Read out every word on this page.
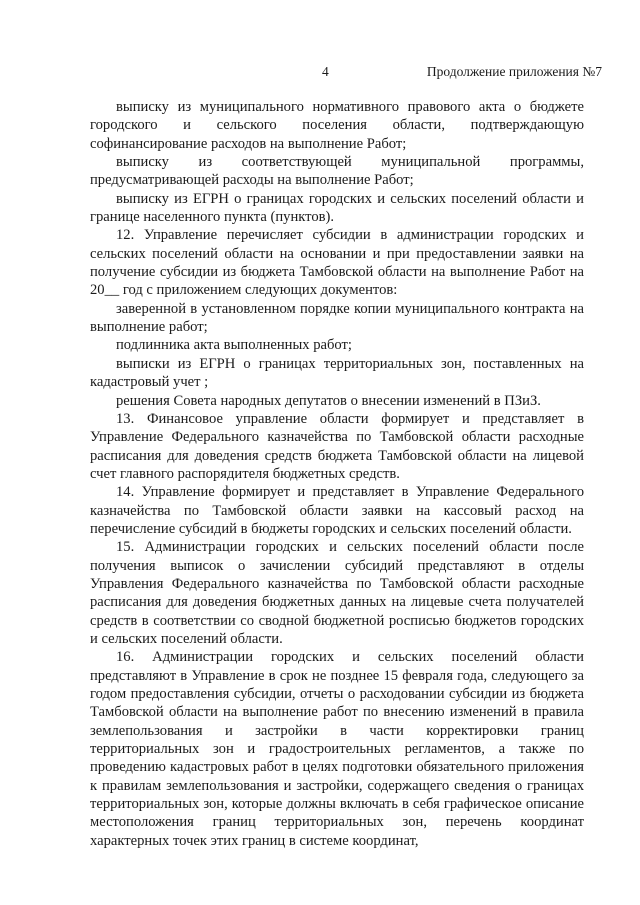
4	Продолжение приложения №7

выписку из муниципального нормативного правового акта о бюджете городского и сельского поселения области, подтверждающую софинансирование расходов на выполнение Работ;

выписку из соответствующей муниципальной программы, предусматривающей расходы на выполнение Работ;

выписку из ЕГРН о границах городских и сельских поселений области и границе населенного пункта (пунктов).

12. Управление перечисляет субсидии в администрации городских и сельских поселений области на основании и при предоставлении заявки на получение субсидии из бюджета Тамбовской области на выполнение Работ на 20__ год с приложением следующих документов:

заверенной в установленном порядке копии муниципального контракта на выполнение работ;

подлинника акта выполненных работ;

выписки из ЕГРН о границах территориальных зон, поставленных на кадастровый учет ;

решения Совета народных депутатов о внесении изменений в ПЗиЗ.

13. Финансовое управление области формирует и представляет в Управление Федерального казначейства по Тамбовской области расходные расписания для доведения средств бюджета Тамбовской области на лицевой счет главного распорядителя бюджетных средств.

14. Управление формирует и представляет в Управление Федерального казначейства по Тамбовской области заявки на кассовый расход на перечисление субсидий в бюджеты городских и сельских поселений области.

15. Администрации городских и сельских поселений области после получения выписок о зачислении субсидий представляют в отделы Управления Федерального казначейства по Тамбовской области расходные расписания для доведения бюджетных данных на лицевые счета получателей средств в соответствии со сводной бюджетной росписью бюджетов городских и сельских поселений области.

16. Администрации городских и сельских поселений области представляют в Управление в срок не позднее 15 февраля года, следующего за годом предоставления субсидии, отчеты о расходовании субсидии из бюджета Тамбовской области на выполнение работ по внесению изменений в правила землепользования и застройки в части корректировки границ территориальных зон и градостроительных регламентов, а также по проведению кадастровых работ в целях подготовки обязательного приложения к правилам землепользования и застройки, содержащего сведения о границах территориальных зон, которые должны включать в себя графическое описание местоположения границ территориальных зон, перечень координат характерных точек этих границ в системе координат,
